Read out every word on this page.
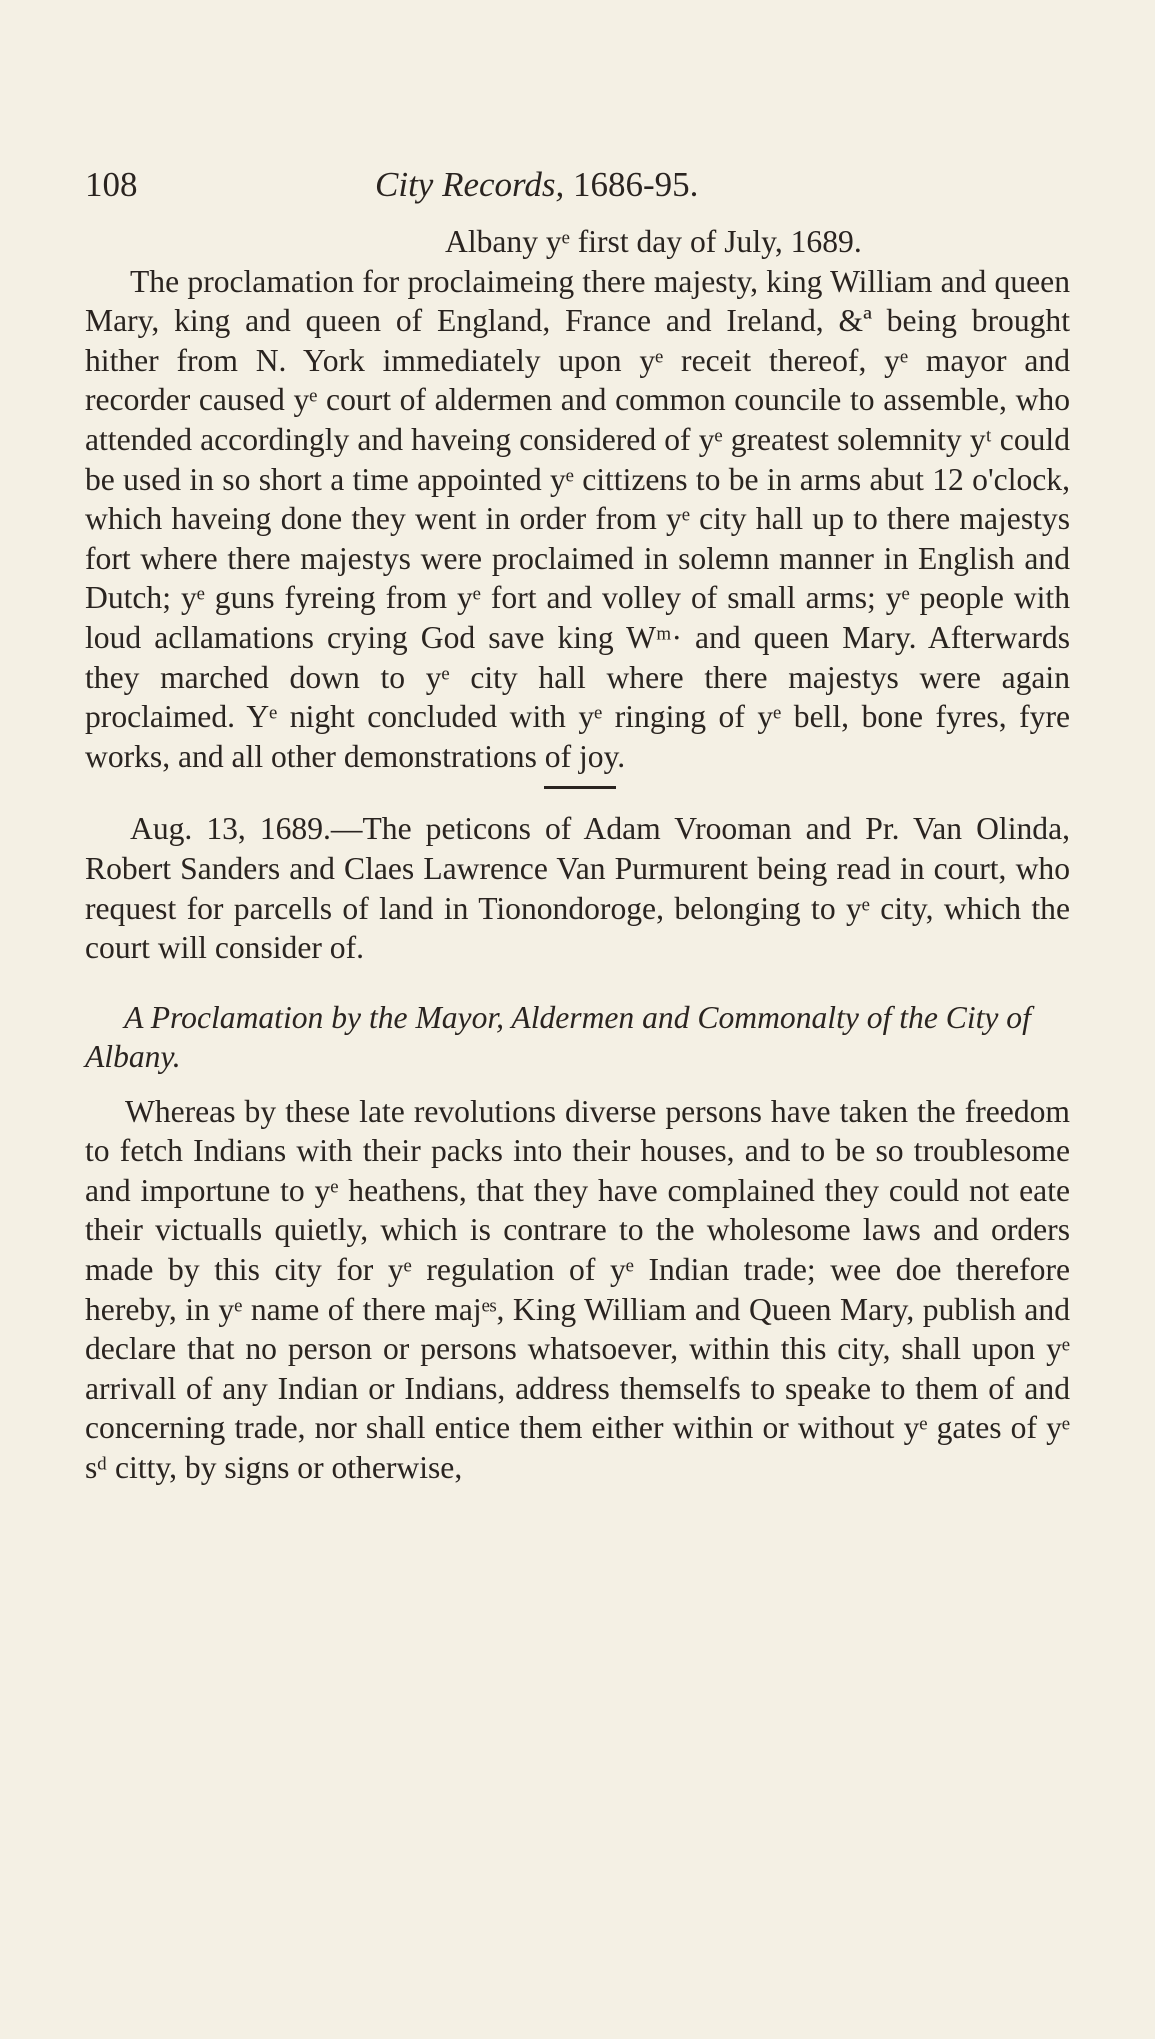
108	City Records, 1686-95.

Albany yᵉ first day of July, 1689.

The proclamation for proclaimeing there majesty, king William and queen Mary, king and queen of England, France and Ireland, &ª being brought hither from N. York immediately upon yᵉ receit thereof, yᵉ mayor and recorder caused yᵉ court of aldermen and common councile to assemble, who attended accordingly and haveing considered of yᵉ greatest solemnity yᵗ could be used in so short a time appointed yᵉ cittizens to be in arms abut 12 o'clock, which haveing done they went in order from yᵉ city hall up to there majestys fort where there majestys were proclaimed in solemn manner in English and Dutch; yᵉ guns fyreing from yᵉ fort and volley of small arms; yᵉ people with loud acllamations crying God save king Wᵐ· and queen Mary. Afterwards they marched down to yᵉ city hall where there majestys were again proclaimed. Yᵉ night concluded with yᵉ ringing of yᵉ bell, bone fyres, fyre works, and all other demonstrations of joy.

Aug. 13, 1689.—The peticons of Adam Vrooman and Pr. Van Olinda, Robert Sanders and Claes Lawrence Van Purmurent being read in court, who request for parcells of land in Tionondoroge, belonging to yᵉ city, which the court will consider of.

A Proclamation by the Mayor, Aldermen and Commonalty of the City of Albany.

Whereas by these late revolutions diverse persons have taken the freedom to fetch Indians with their packs into their houses, and to be so troublesome and importune to yᵉ heathens, that they have complained they could not eate their victualls quietly, which is contrare to the wholesome laws and orders made by this city for yᵉ regulation of yᵉ Indian trade; wee doe therefore hereby, in yᵉ name of there majᵉˢ, King William and Queen Mary, publish and declare that no person or persons whatsoever, within this city, shall upon yᵉ arrivall of any Indian or Indians, address themselfs to speake to them of and concerning trade, nor shall entice them either within or without yᵉ gates of yᵉ sᵈ citty, by signs or otherwise,
